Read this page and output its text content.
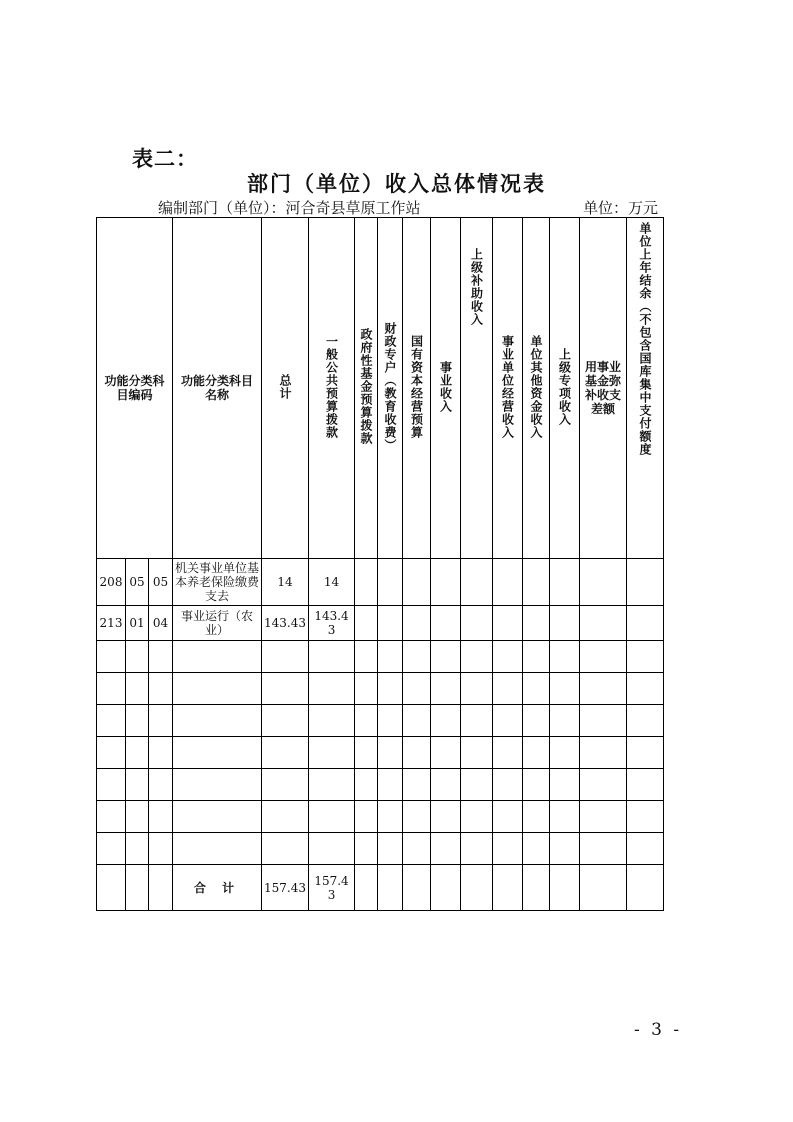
表二：
部门（单位）收入总体情况表
编制部门（单位）：河合奇县草原工作站	单位：万元
功能分类科目编码			功能分类科目名称	总计	一般公共预算拨款	政府性基金预算拨款	财政专户（教育收费）	国有资本经营预算	事业收入	上级补助收入	事业单位经营收入	单位其他资金收入	上级专项收入	用事业基金弥补收支差额	单位上年结余（不包含国库集中支付额度

208	05	05	机关事业单位基本养老保险缴费支去	14	14										

213	01	04	事业运行（农业）	143.43	143.43										

			合 计	157.43	157.43										

- 3 -
